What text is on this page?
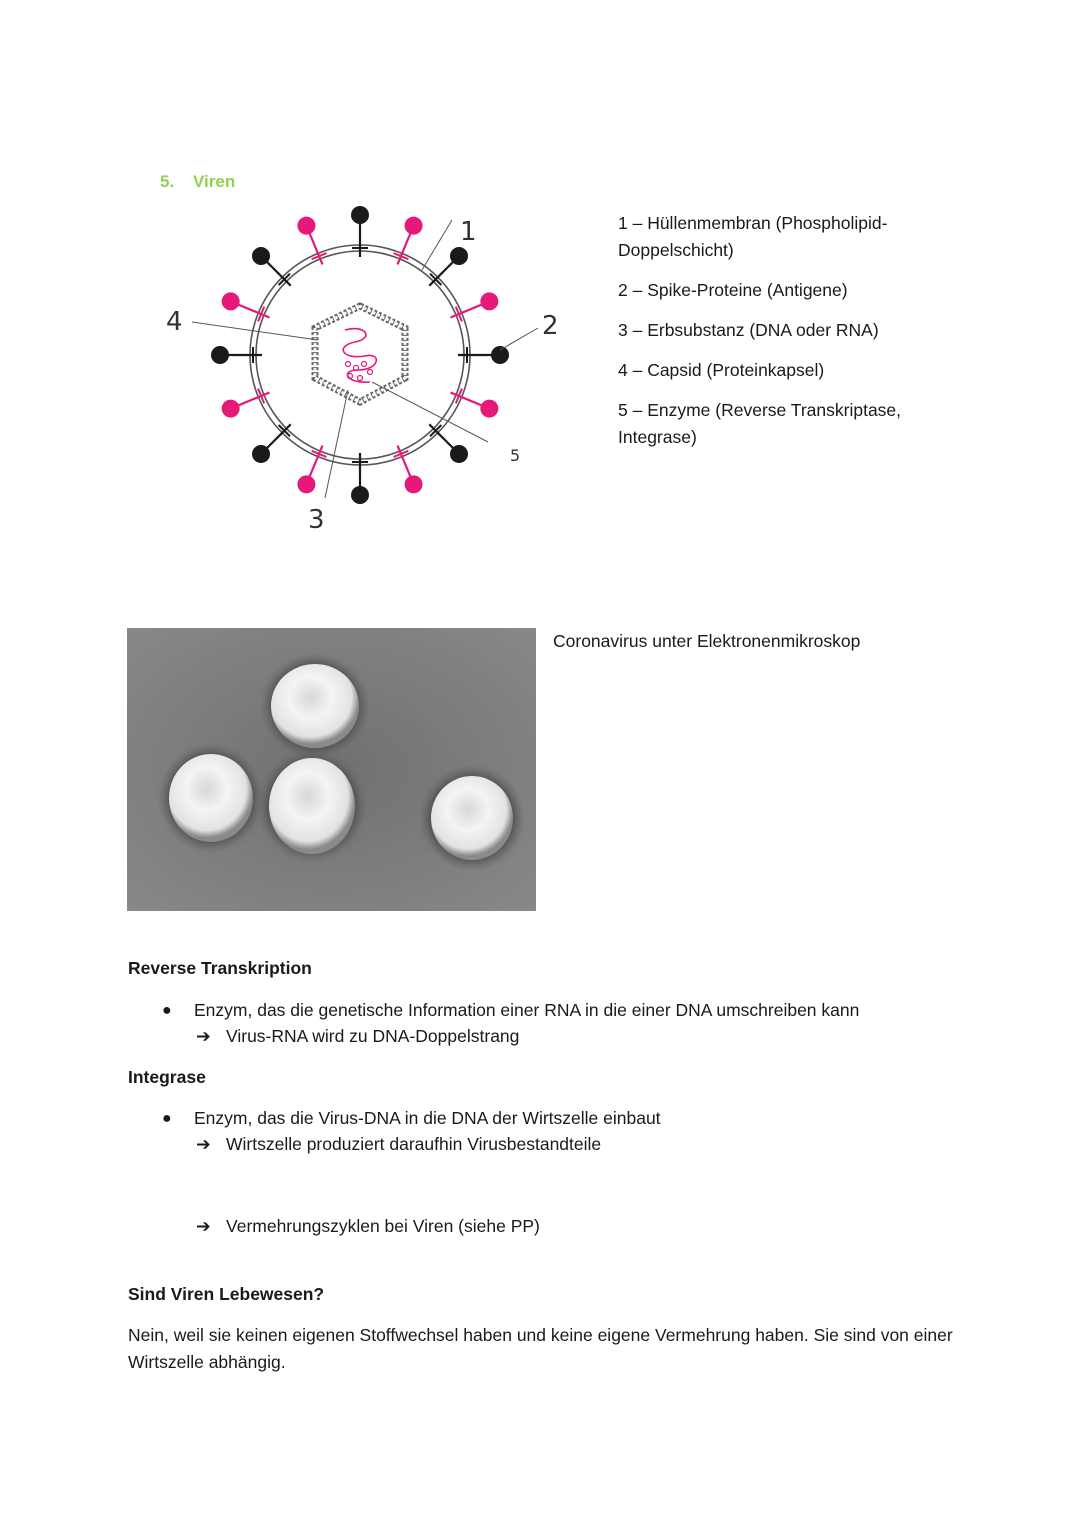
5. Viren
1
2
3
4
5

1 – Hüllenmembran (Phospholipid-Doppelschicht)

2 – Spike-Proteine (Antigene)

3 – Erbsubstanz (DNA oder RNA)

4 – Capsid (Proteinkapsel)

5 – Enzyme (Reverse Transkriptase, Integrase)

Coronavirus unter Elektronenmikroskop
Reverse Transkription
● Enzym, das die genetische Information einer RNA in die einer DNA umschreiben kann
➔ Virus-RNA wird zu DNA-Doppelstrang
Integrase
● Enzym, das die Virus-DNA in die DNA der Wirtszelle einbaut
➔ Wirtszelle produziert daraufhin Virusbestandteile
➔ Vermehrungszyklen bei Viren (siehe PP)
Sind Viren Lebewesen?
Nein, weil sie keinen eigenen Stoffwechsel haben und keine eigene Vermehrung haben. Sie sind von einer Wirtszelle abhängig.
